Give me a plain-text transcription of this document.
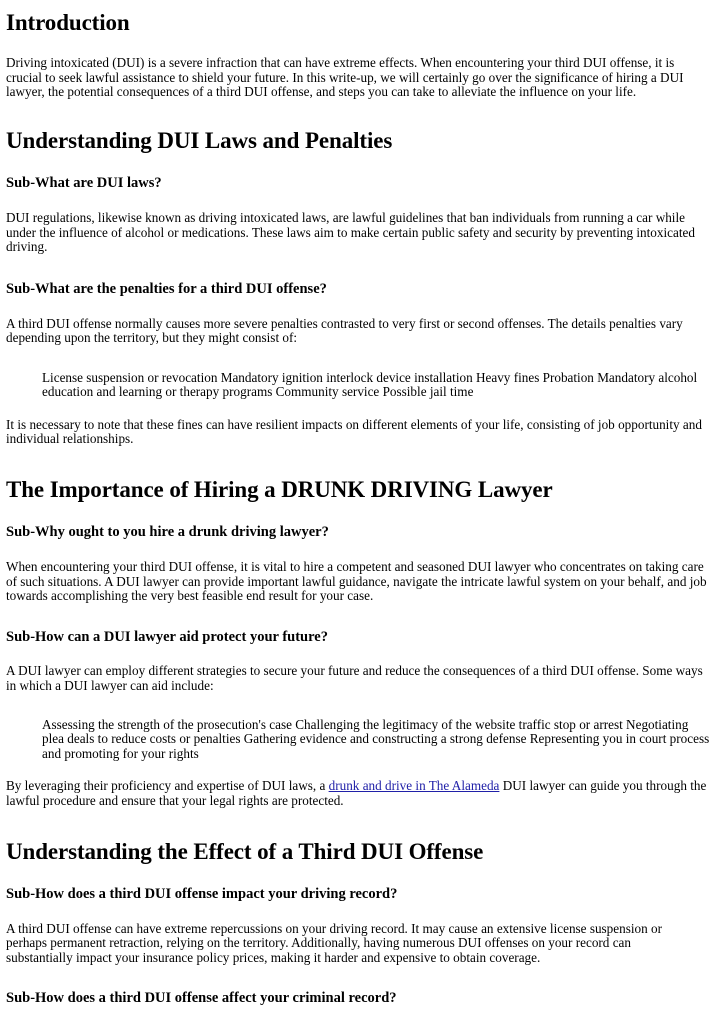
Introduction

Driving intoxicated (DUI) is a severe infraction that can have extreme effects. When encountering your third DUI offense, it is crucial to seek lawful assistance to shield your future. In this write-up, we will certainly go over the significance of hiring a DUI lawyer, the potential consequences of a third DUI offense, and steps you can take to alleviate the influence on your life.

Understanding DUI Laws and Penalties
Sub-What are DUI laws?

DUI regulations, likewise known as driving intoxicated laws, are lawful guidelines that ban individuals from running a car while under the influence of alcohol or medications. These laws aim to make certain public safety and security by preventing intoxicated driving.

Sub-What are the penalties for a third DUI offense?

A third DUI offense normally causes more severe penalties contrasted to very first or second offenses. The details penalties vary depending upon the territory, but they might consist of:

License suspension or revocation Mandatory ignition interlock device installation Heavy fines Probation Mandatory alcohol education and learning or therapy programs Community service Possible jail time

It is necessary to note that these fines can have resilient impacts on different elements of your life, consisting of job opportunity and individual relationships.

The Importance of Hiring a DRUNK DRIVING Lawyer
Sub-Why ought to you hire a drunk driving lawyer?

When encountering your third DUI offense, it is vital to hire a competent and seasoned DUI lawyer who concentrates on taking care of such situations. A DUI lawyer can provide important lawful guidance, navigate the intricate lawful system on your behalf, and job towards accomplishing the very best feasible end result for your case.

Sub-How can a DUI lawyer aid protect your future?

A DUI lawyer can employ different strategies to secure your future and reduce the consequences of a third DUI offense. Some ways in which a DUI lawyer can aid include:

Assessing the strength of the prosecution's case Challenging the legitimacy of the website traffic stop or arrest Negotiating plea deals to reduce costs or penalties Gathering evidence and constructing a strong defense Representing you in court process and promoting for your rights

By leveraging their proficiency and expertise of DUI laws, a drunk and drive in The Alameda DUI lawyer can guide you through the lawful procedure and ensure that your legal rights are protected.

Understanding the Effect of a Third DUI Offense
Sub-How does a third DUI offense impact your driving record?

A third DUI offense can have extreme repercussions on your driving record. It may cause an extensive license suspension or perhaps permanent retraction, relying on the territory. Additionally, having numerous DUI offenses on your record can substantially impact your insurance policy prices, making it harder and expensive to obtain coverage.

Sub-How does a third DUI offense affect your criminal record?
